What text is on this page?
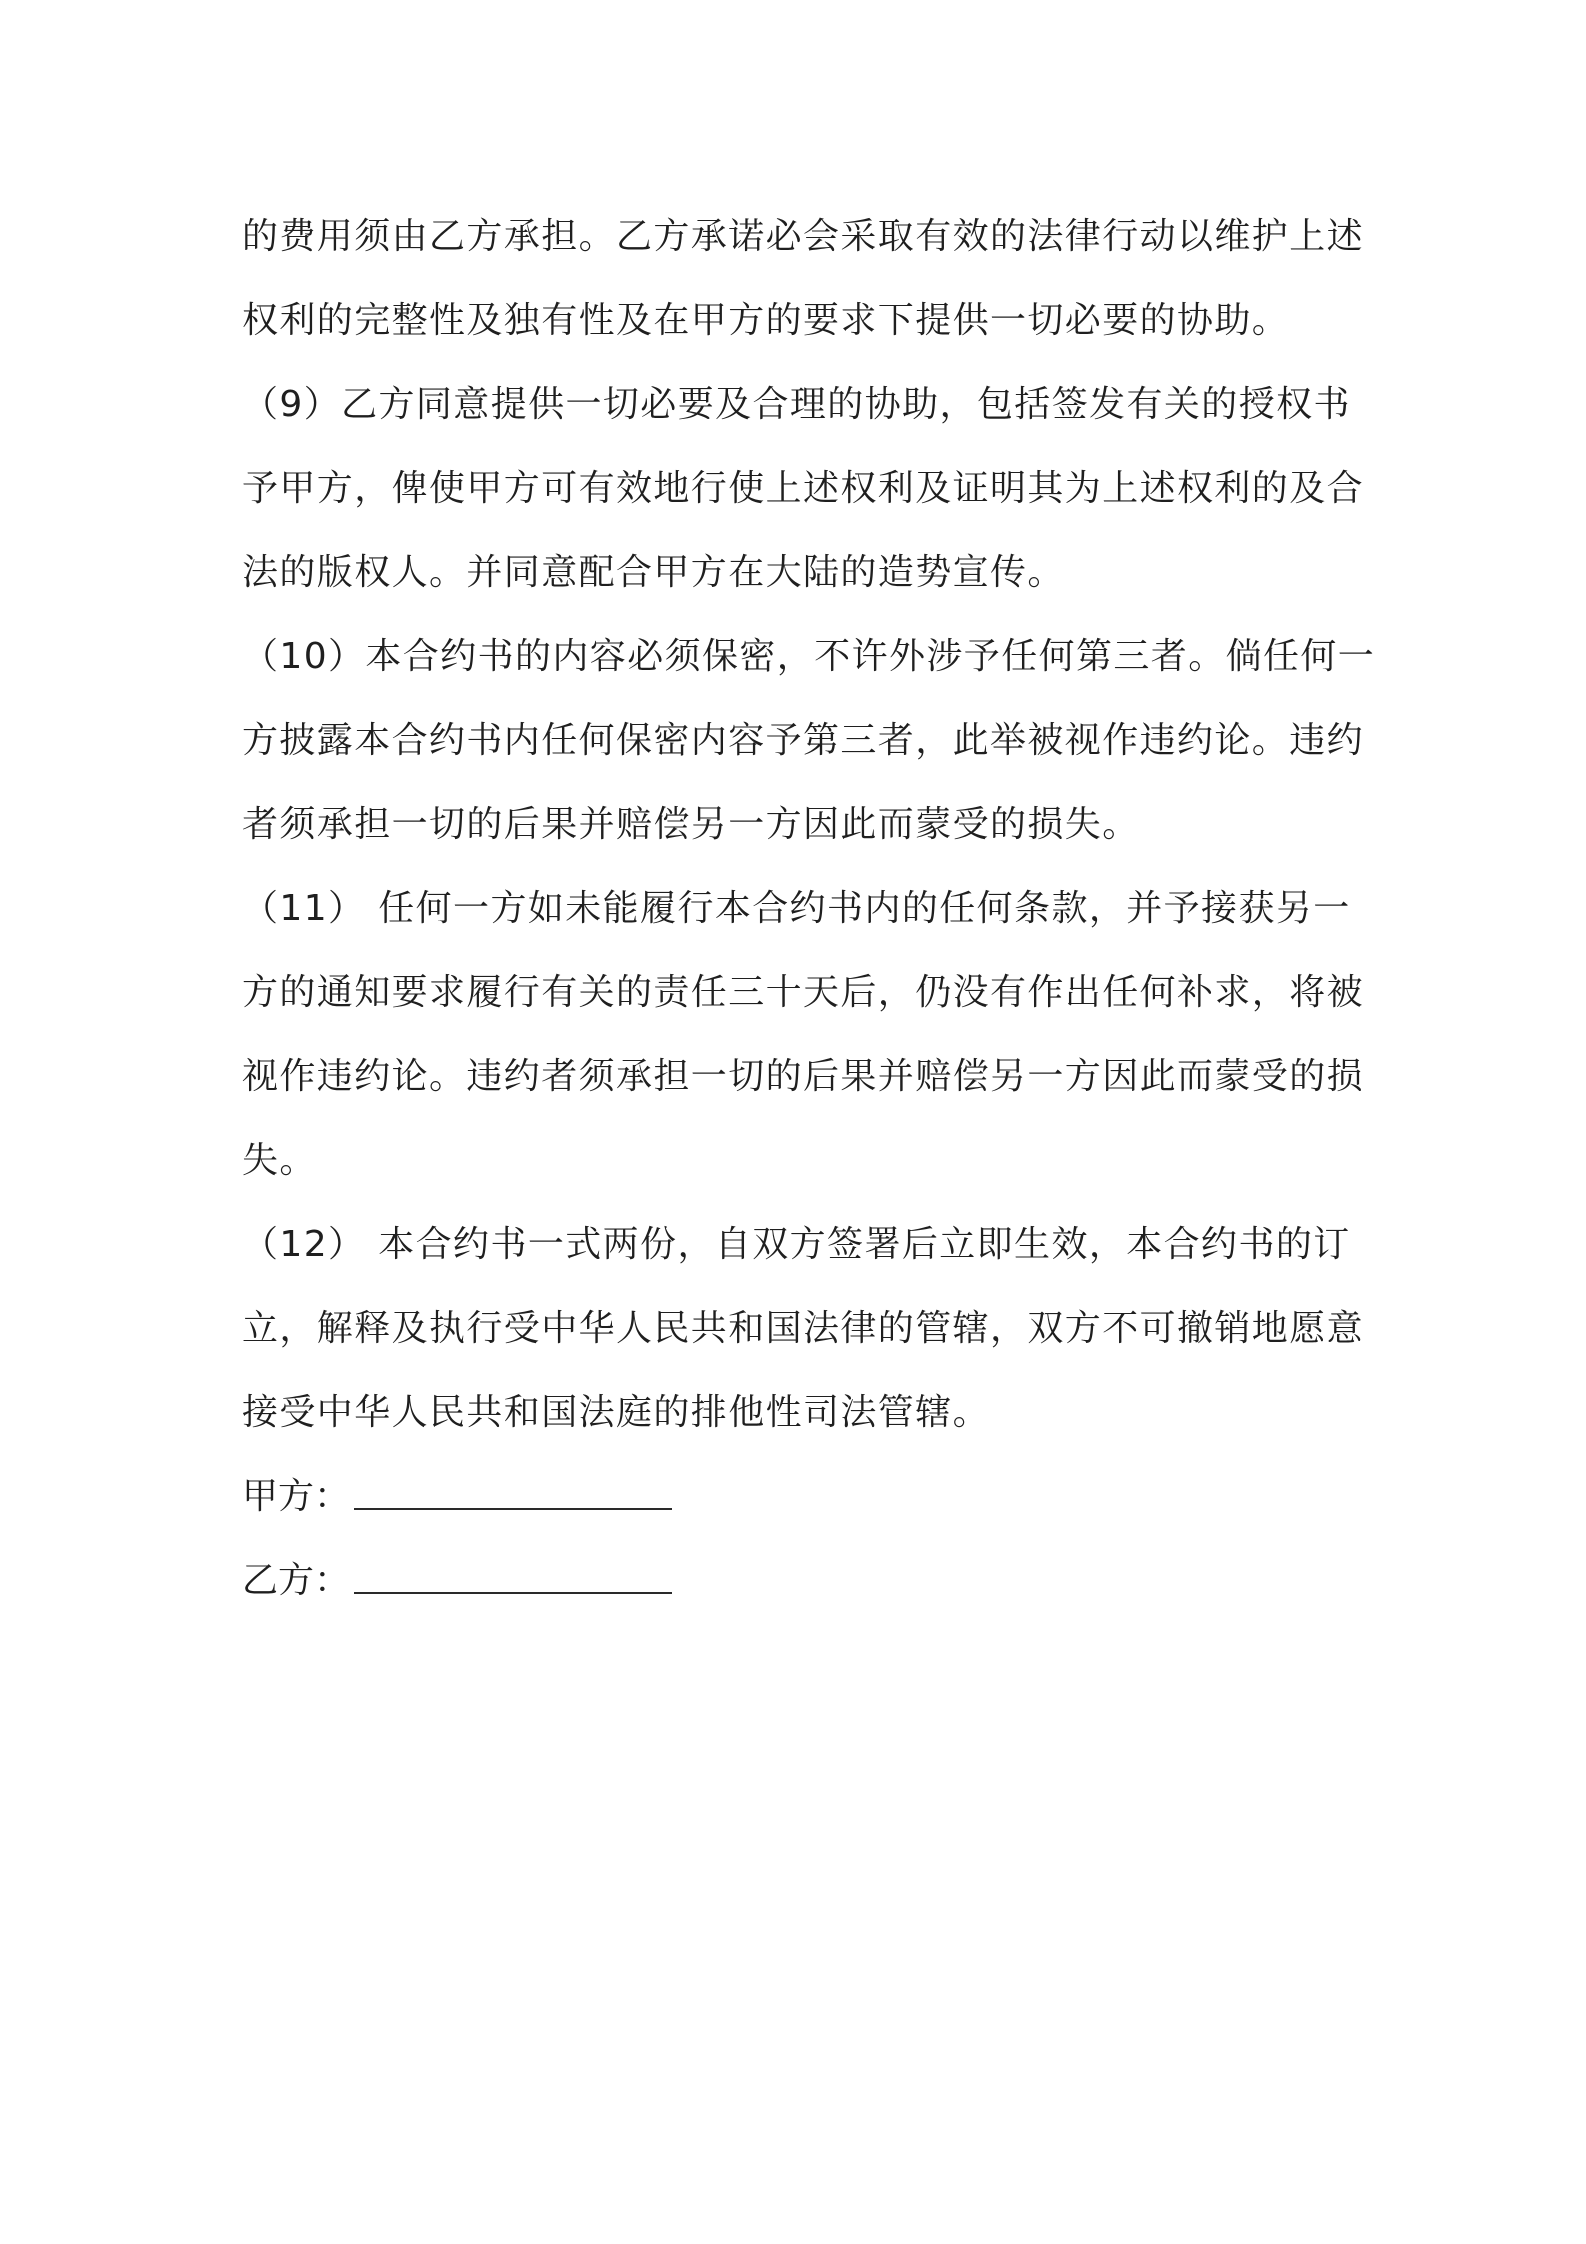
的费用须由乙方承担。乙方承诺必会采取有效的法律行动以维护上述
权利的完整性及独有性及在甲方的要求下提供一切必要的协助。

（9）乙方同意提供一切必要及合理的协助，包括签发有关的授权书
予甲方，俾使甲方可有效地行使上述权利及证明其为上述权利的及合
法的版权人。并同意配合甲方在大陆的造势宣传。

（10）本合约书的内容必须保密，不许外涉予任何第三者。倘任何一
方披露本合约书内任何保密内容予第三者，此举被视作违约论。违约
者须承担一切的后果并赔偿另一方因此而蒙受的损失。

（11） 任何一方如未能履行本合约书内的任何条款，并予接获另一
方的通知要求履行有关的责任三十天后，仍没有作出任何补求，将被
视作违约论。违约者须承担一切的后果并赔偿另一方因此而蒙受的损
失。

（12） 本合约书一式两份，自双方签署后立即生效，本合约书的订
立，解释及执行受中华人民共和国法律的管辖，双方不可撤销地愿意
接受中华人民共和国法庭的排他性司法管辖。

甲方：

乙方：
